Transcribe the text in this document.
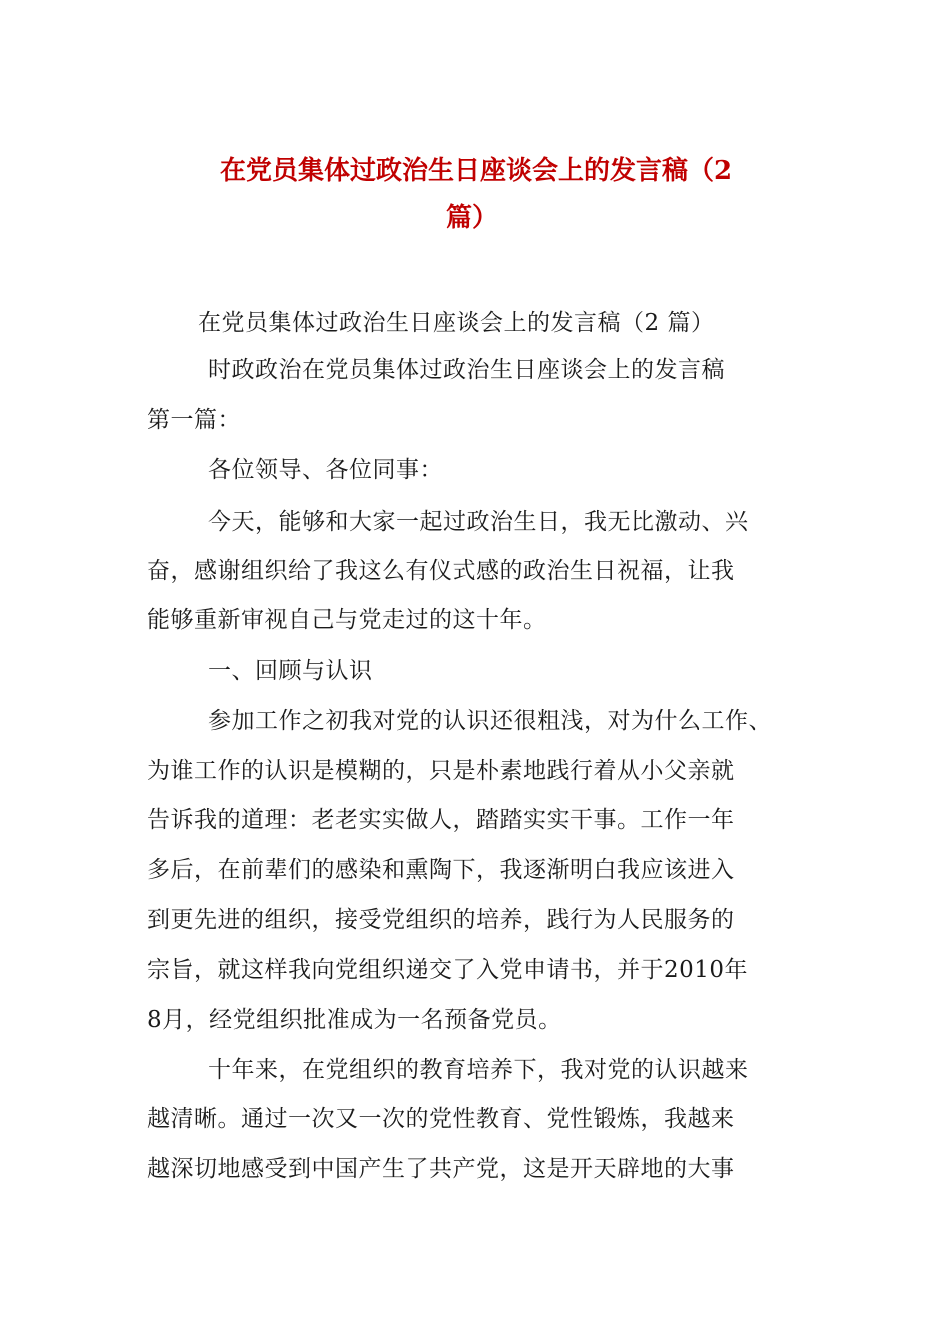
在党员集体过政治生日座谈会上的发言稿（2
篇）
在党员集体过政治生日座谈会上的发言稿（2 篇）
时政政治在党员集体过政治生日座谈会上的发言稿
第一篇：
各位领导、各位同事：
今天，能够和大家一起过政治生日，我无比激动、兴
奋，感谢组织给了我这么有仪式感的政治生日祝福，让我
能够重新审视自己与党走过的这十年。
一、回顾与认识
参加工作之初我对党的认识还很粗浅，对为什么工作、
为谁工作的认识是模糊的，只是朴素地践行着从小父亲就
告诉我的道理：老老实实做人，踏踏实实干事。工作一年
多后，在前辈们的感染和熏陶下，我逐渐明白我应该进入
到更先进的组织，接受党组织的培养，践行为人民服务的
宗旨，就这样我向党组织递交了入党申请书，并于2010年
8月，经党组织批准成为一名预备党员。
十年来，在党组织的教育培养下，我对党的认识越来
越清晰。通过一次又一次的党性教育、党性锻炼，我越来
越深切地感受到中国产生了共产党，这是开天辟地的大事
